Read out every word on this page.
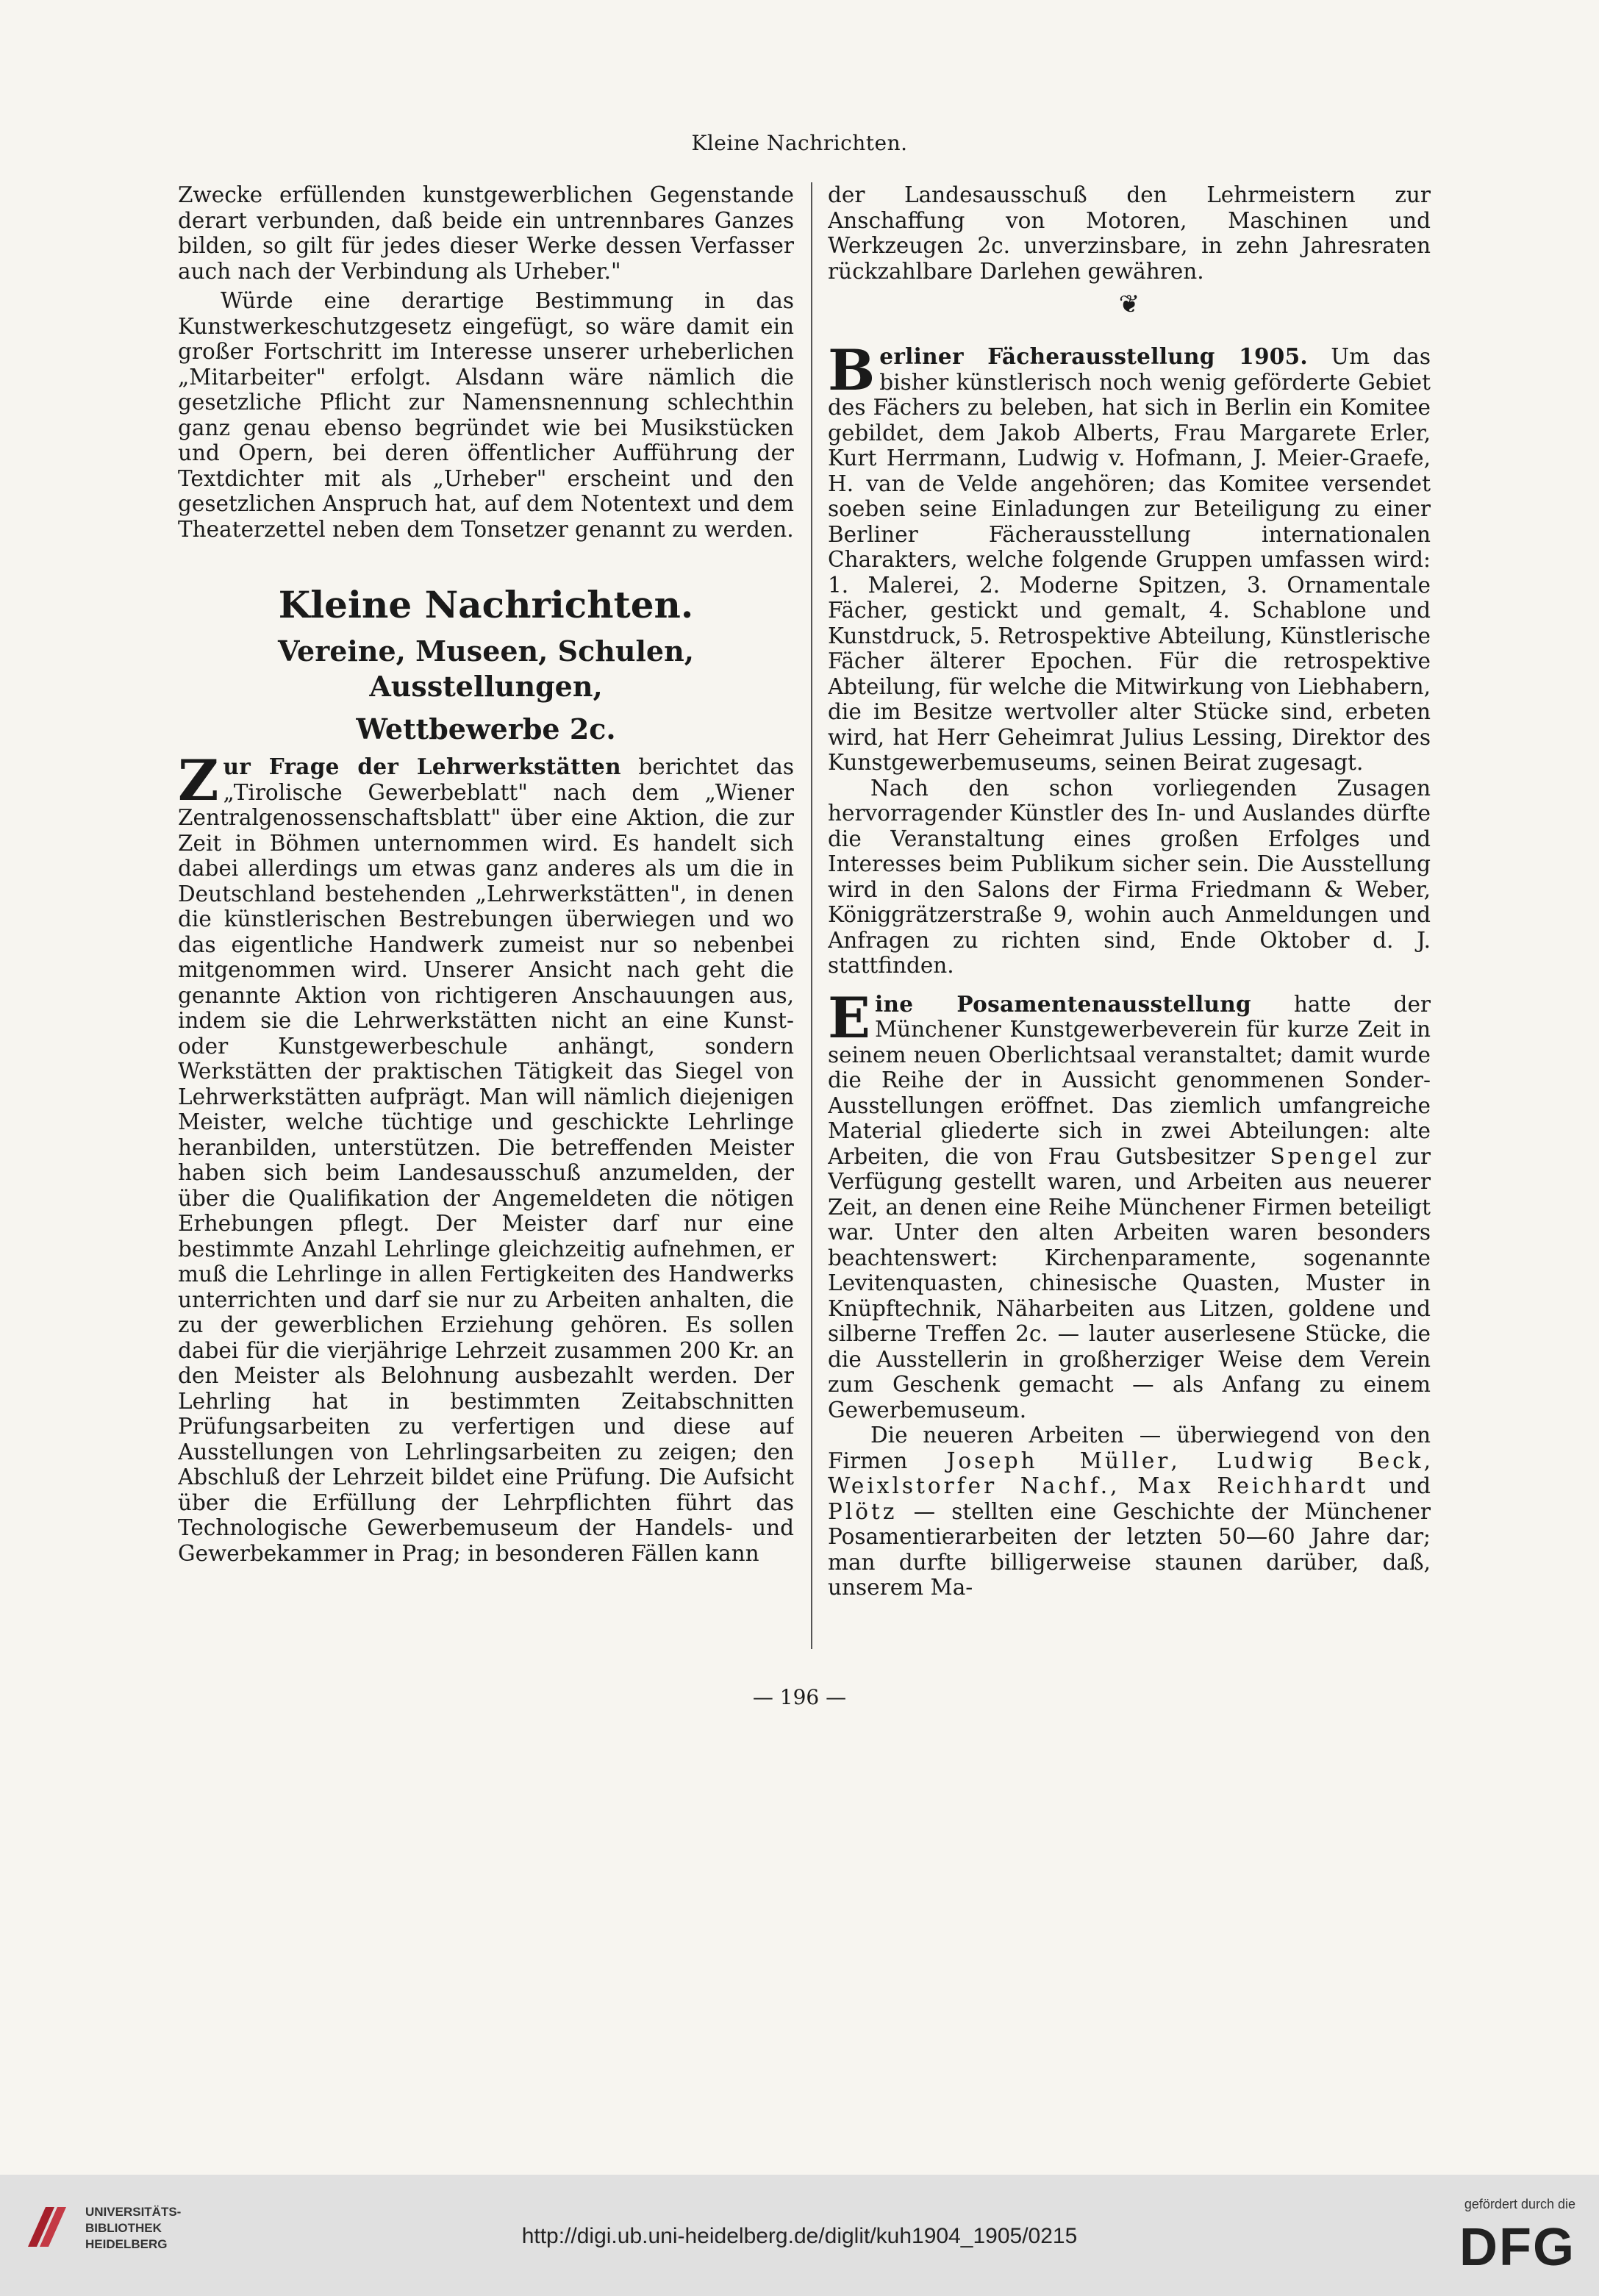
Kleine Nachrichten.

Zwecke erfüllenden kunstgewerblichen Gegenstande derart verbunden, daß beide ein untrennbares Ganzes bilden, so gilt für jedes dieser Werke dessen Verfasser auch nach der Verbindung als Urheber."

Würde eine derartige Bestimmung in das Kunstwerkeschutzgesetz eingefügt, so wäre damit ein großer Fortschritt im Interesse unserer urheberlichen „Mitarbeiter" erfolgt. Alsdann wäre nämlich die gesetzliche Pflicht zur Namensnennung schlechthin ganz genau ebenso begründet wie bei Musikstücken und Opern, bei deren öffentlicher Aufführung der Textdichter mit als „Urheber" erscheint und den gesetzlichen Anspruch hat, auf dem Notentext und dem Theaterzettel neben dem Tonsetzer genannt zu werden.

Kleine Nachrichten.
Vereine, Museen, Schulen, Ausstellungen,
Wettbewerbe 2c.

Zur Frage der Lehrwerkstätten berichtet das „Tirolische Gewerbeblatt" nach dem „Wiener Zentralgenossenschaftsblatt" über eine Aktion, die zur Zeit in Böhmen unternommen wird. Es handelt sich dabei allerdings um etwas ganz anderes als um die in Deutschland bestehenden „Lehrwerkstätten", in denen die künstlerischen Bestrebungen überwiegen und wo das eigentliche Handwerk zumeist nur so nebenbei mitgenommen wird. Unserer Ansicht nach geht die genannte Aktion von richtigeren Anschauungen aus, indem sie die Lehrwerkstätten nicht an eine Kunst- oder Kunstgewerbeschule anhängt, sondern Werkstätten der praktischen Tätigkeit das Siegel von Lehrwerkstätten aufprägt. Man will nämlich diejenigen Meister, welche tüchtige und geschickte Lehrlinge heranbilden, unterstützen. Die betreffenden Meister haben sich beim Landesausschuß anzumelden, der über die Qualifikation der Angemeldeten die nötigen Erhebungen pflegt. Der Meister darf nur eine bestimmte Anzahl Lehrlinge gleichzeitig aufnehmen, er muß die Lehrlinge in allen Fertigkeiten des Handwerks unterrichten und darf sie nur zu Arbeiten anhalten, die zu der gewerblichen Erziehung gehören. Es sollen dabei für die vierjährige Lehrzeit zusammen 200 Kr. an den Meister als Belohnung ausbezahlt werden. Der Lehrling hat in bestimmten Zeitabschnitten Prüfungsarbeiten zu verfertigen und diese auf Ausstellungen von Lehrlingsarbeiten zu zeigen; den Abschluß der Lehrzeit bildet eine Prüfung. Die Aufsicht über die Erfüllung der Lehrpflichten führt das Technologische Gewerbemuseum der Handels- und Gewerbekammer in Prag; in besonderen Fällen kann

der Landesausschuß den Lehrmeistern zur Anschaffung von Motoren, Maschinen und Werkzeugen 2c. unverzinsbare, in zehn Jahresraten rückzahlbare Darlehen gewähren.

❦

Berliner Fächerausstellung 1905. Um das bisher künstlerisch noch wenig geförderte Gebiet des Fächers zu beleben, hat sich in Berlin ein Komitee gebildet, dem Jakob Alberts, Frau Margarete Erler, Kurt Herrmann, Ludwig v. Hofmann, J. Meier-Graefe, H. van de Velde angehören; das Komitee versendet soeben seine Einladungen zur Beteiligung zu einer Berliner Fächerausstellung internationalen Charakters, welche folgende Gruppen umfassen wird: 1. Malerei, 2. Moderne Spitzen, 3. Ornamentale Fächer, gestickt und gemalt, 4. Schablone und Kunstdruck, 5. Retrospektive Abteilung, Künstlerische Fächer älterer Epochen. Für die retrospektive Abteilung, für welche die Mitwirkung von Liebhabern, die im Besitze wertvoller alter Stücke sind, erbeten wird, hat Herr Geheimrat Julius Lessing, Direktor des Kunstgewerbemuseums, seinen Beirat zugesagt.

Nach den schon vorliegenden Zusagen hervorragender Künstler des In- und Auslandes dürfte die Veranstaltung eines großen Erfolges und Interesses beim Publikum sicher sein. Die Ausstellung wird in den Salons der Firma Friedmann & Weber, Königgrätzerstraße 9, wohin auch Anmeldungen und Anfragen zu richten sind, Ende Oktober d. J. stattfinden.

Eine Posamentenausstellung hatte der Münchener Kunstgewerbeverein für kurze Zeit in seinem neuen Oberlichtsaal veranstaltet; damit wurde die Reihe der in Aussicht genommenen Sonder-Ausstellungen eröffnet. Das ziemlich umfangreiche Material gliederte sich in zwei Abteilungen: alte Arbeiten, die von Frau Gutsbesitzer Spengel zur Verfügung gestellt waren, und Arbeiten aus neuerer Zeit, an denen eine Reihe Münchener Firmen beteiligt war. Unter den alten Arbeiten waren besonders beachtenswert: Kirchenparamente, sogenannte Levitenquasten, chinesische Quasten, Muster in Knüpftechnik, Näharbeiten aus Litzen, goldene und silberne Treffen 2c. — lauter auserlesene Stücke, die die Ausstellerin in großherziger Weise dem Verein zum Geschenk gemacht — als Anfang zu einem Gewerbemuseum.

Die neueren Arbeiten — überwiegend von den Firmen Joseph Müller, Ludwig Beck, Weixlstorfer Nachf., Max Reichhardt und Plötz — stellten eine Geschichte der Münchener Posamentierarbeiten der letzten 50—60 Jahre dar; man durfte billigerweise staunen darüber, daß, unserem Ma-

— 196 —
UNIVERSITÄTS-
BIBLIOTHEK
HEIDELBERG	http://digi.ub.uni-heidelberg.de/diglit/kuh1904_1905/0215
gefördert durch die
DFG
